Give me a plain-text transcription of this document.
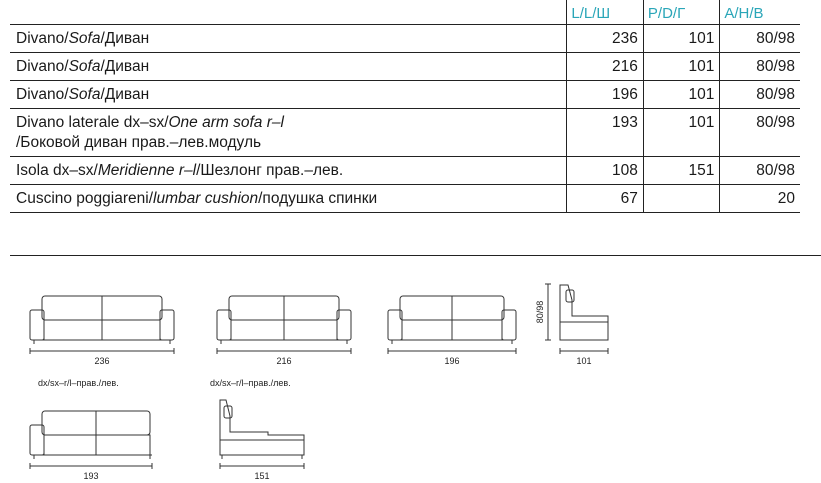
	L/L/Ш	P/D/Г	A/H/B
Divano/Sofa/Диван	236	101	80/98
Divano/Sofa/Диван	216	101	80/98
Divano/Sofa/Диван	196	101	80/98
Divano laterale dx–sx/One arm sofa r–l
/Боковой диван прав.–лев.модуль	193	101	80/98
Isola dx–sx/Meridienne r–l/Шезлонг прав.–лев.	108	151	80/98
Cuscino poggiareni/lumbar cushion/подушка спинки	67		20
236	216	196	101
193	151
80/98
dx/sx–r/l–прав./лев.	dx/sx–r/l–прав./лев.
